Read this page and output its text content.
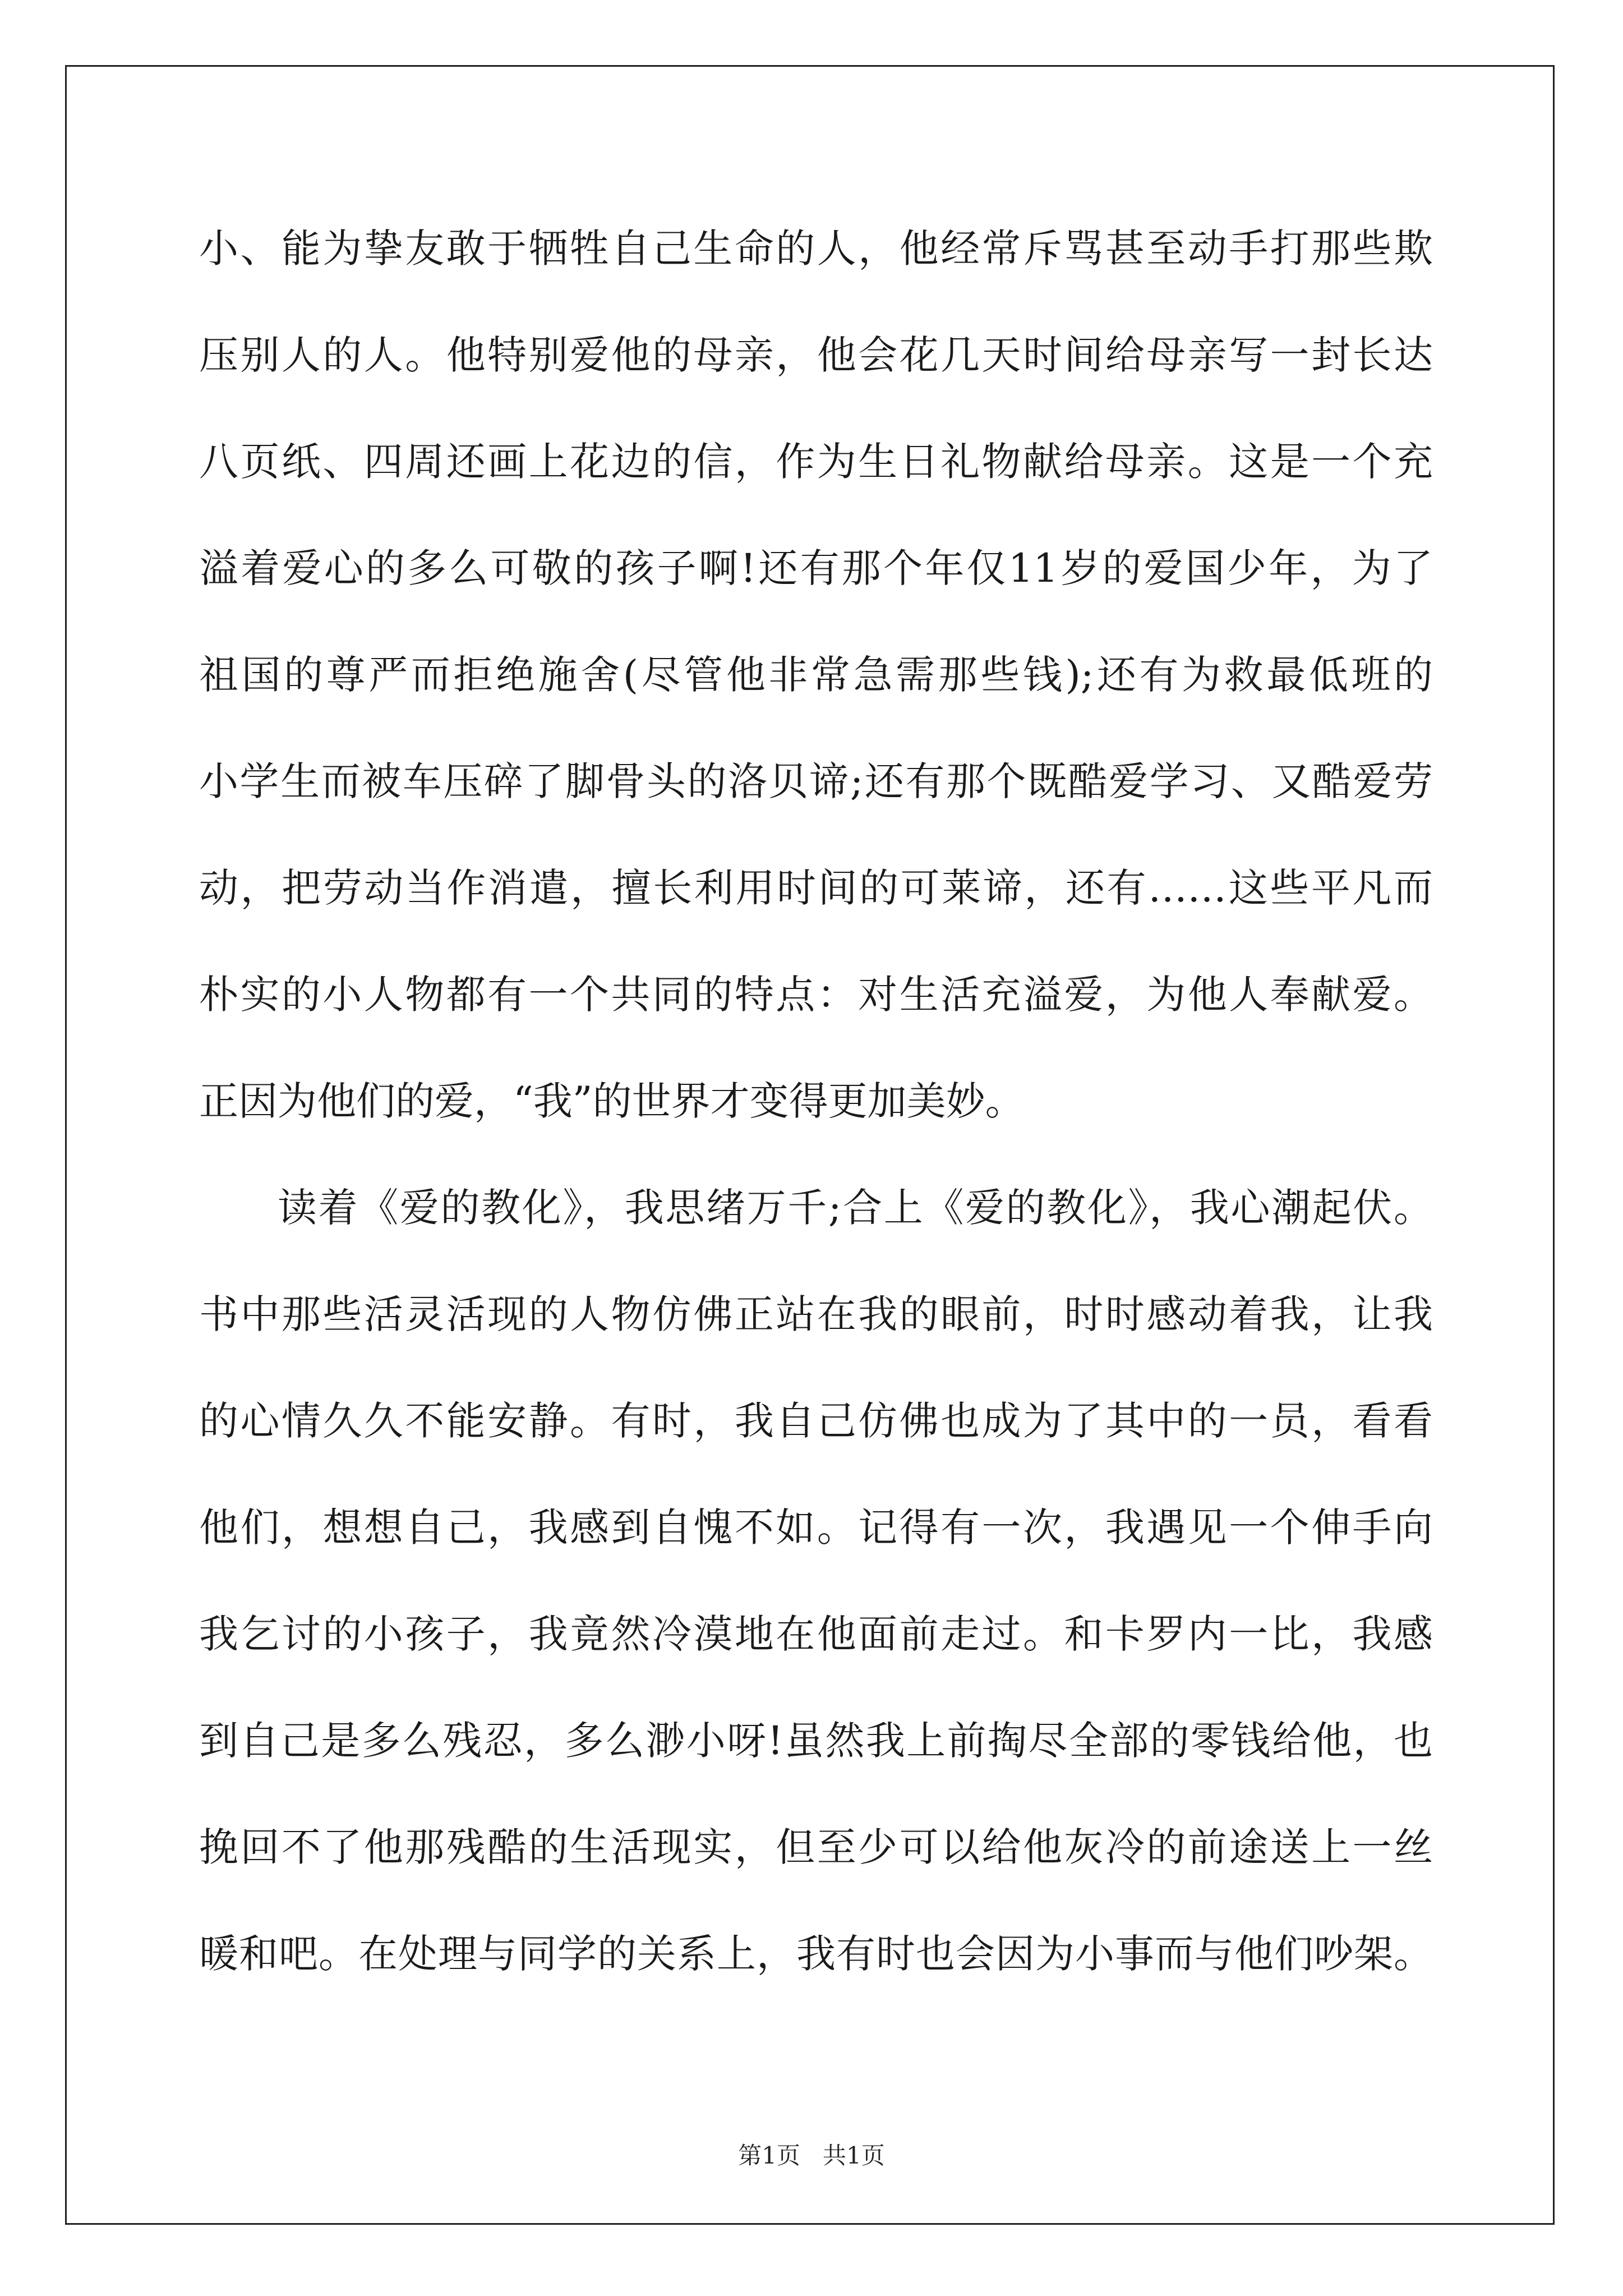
小、能为挚友敢于牺牲自己生命的人，他经常斥骂甚至动手打那些欺
压别人的人。他特别爱他的母亲，他会花几天时间给母亲写一封长达
八页纸、四周还画上花边的信，作为生日礼物献给母亲。这是一个充
溢着爱心的多么可敬的孩子啊!还有那个年仅11岁的爱国少年，为了
祖国的尊严而拒绝施舍(尽管他非常急需那些钱);还有为救最低班的
小学生而被车压碎了脚骨头的洛贝谛;还有那个既酷爱学习、又酷爱劳
动，把劳动当作消遣，擅长利用时间的可莱谛，还有……这些平凡而
朴实的小人物都有一个共同的特点：对生活充溢爱，为他人奉献爱。
正因为他们的爱，“我”的世界才变得更加美妙。
读着《爱的教化》，我思绪万千;合上《爱的教化》，我心潮起伏。
书中那些活灵活现的人物仿佛正站在我的眼前，时时感动着我，让我
的心情久久不能安静。有时，我自己仿佛也成为了其中的一员，看看
他们，想想自己，我感到自愧不如。记得有一次，我遇见一个伸手向
我乞讨的小孩子，我竟然冷漠地在他面前走过。和卡罗内一比，我感
到自己是多么残忍，多么渺小呀!虽然我上前掏尽全部的零钱给他，也
挽回不了他那残酷的生活现实，但至少可以给他灰冷的前途送上一丝
暖和吧。在处理与同学的关系上，我有时也会因为小事而与他们吵架。
第1页   共1页
